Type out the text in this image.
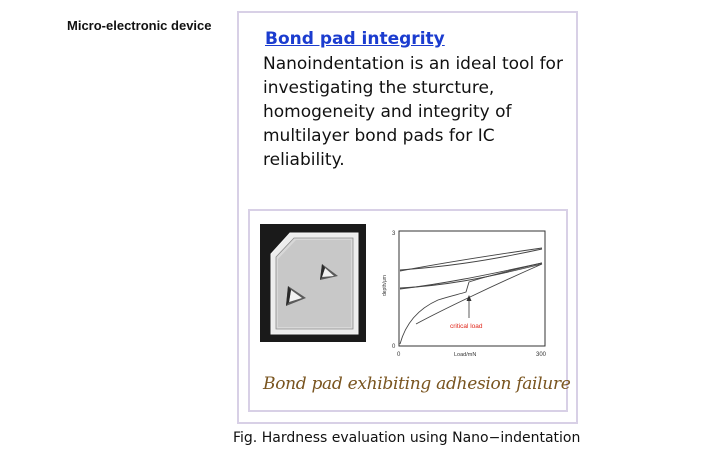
Micro-electronic device
Bond pad integrity

Nanoindentation is an ideal tool for investigating the sturcture, homogeneity and integrity of multilayer bond pads for IC reliability.

3
0
0	300
depth/µm
Load/mN
critical load
Bond pad exhibiting adhesion failure
Fig. Hardness evaluation using Nano−indentation
